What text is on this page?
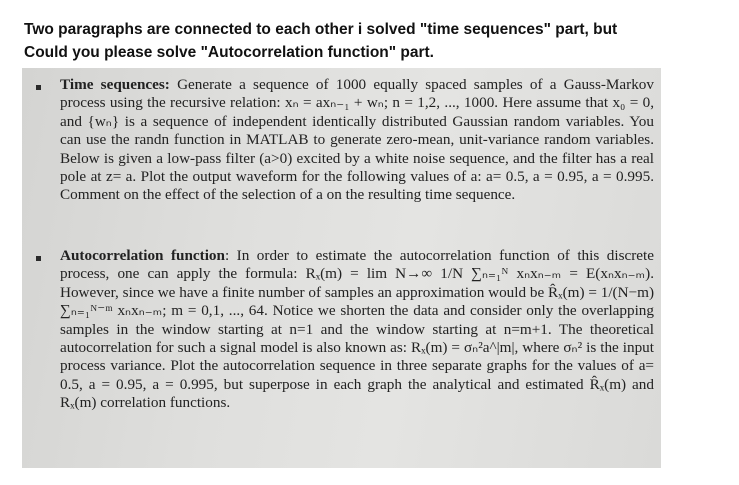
Two paragraphs are connected to each other i solved "time sequences" part, but
Could you please solve "Autocorrelation function" part.
Time sequences: Generate a sequence of 1000 equally spaced samples of a Gauss-Markov process using the recursive relation: xₙ = axₙ₋₁ + wₙ; n = 1,2, ..., 1000. Here assume that x₀ = 0, and {wₙ} is a sequence of independent identically distributed Gaussian random variables. You can use the randn function in MATLAB to generate zero-mean, unit-variance random variables. Below is given a low-pass filter (a>0) excited by a white noise sequence, and the filter has a real pole at z= a. Plot the output waveform for the following values of a: a= 0.5, a = 0.95, a = 0.995. Comment on the effect of the selection of a on the resulting time sequence.
Autocorrelation function: In order to estimate the autocorrelation function of this discrete process, one can apply the formula: Rₓ(m) = lim N→∞ 1/N ∑ₙ₌₁ᴺ xₙxₙ₋ₘ = E(xₙxₙ₋ₘ). However, since we have a finite number of samples an approximation would be R̂ₓ(m) = 1/(N−m) ∑ₙ₌₁ᴺ⁻ᵐ xₙxₙ₋ₘ; m = 0,1, ..., 64. Notice we shorten the data and consider only the overlapping samples in the window starting at n=1 and the window starting at n=m+1. The theoretical autocorrelation for such a signal model is also known as: Rₓ(m) = σₙ²a^|m|, where σₙ² is the input process variance. Plot the autocorrelation sequence in three separate graphs for the values of a= 0.5, a = 0.95, a = 0.995, but superpose in each graph the analytical and estimated R̂ₓ(m) and Rₓ(m) correlation functions.
